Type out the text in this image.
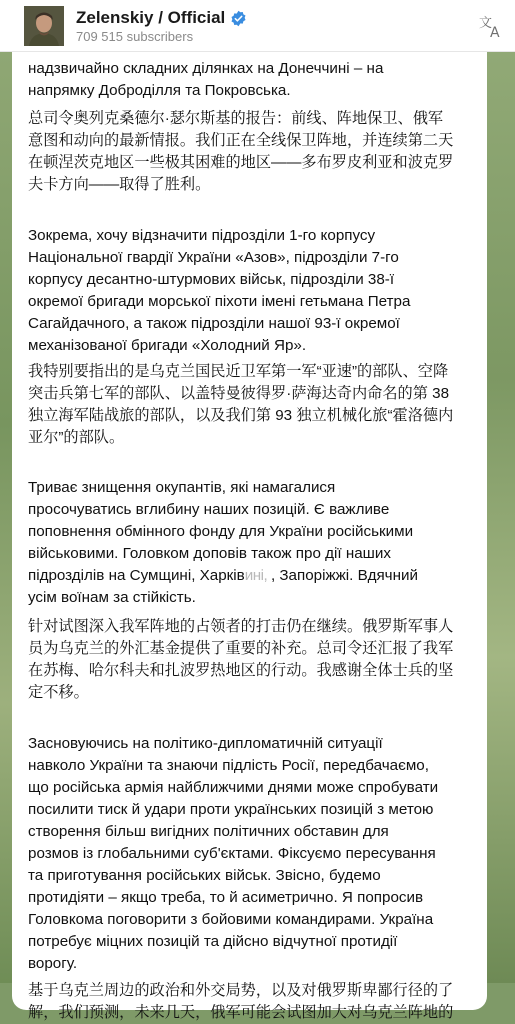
Zelenskiy / Official
709 515 subscribers
文
A
надзвичайно складних ділянках на Донеччині – на
напрямку Доброділля та Покровська.
总司令奥列克桑德尔·瑟尔斯基的报告：前线、阵地保卫、俄军
意图和动向的最新情报。我们正在全线保卫阵地，并连续第二天
在顿涅茨克地区一些极其困难的地区——多布罗皮利亚和波克罗
夫卡方向——取得了胜利。
Зокрема, хочу відзначити підрозділи 1-го корпусу
Національної гвардії України «Азов», підрозділи 7-го
корпусу десантно-штурмових військ, підрозділи 38-ї
окремої бригади морської піхоти імені гетьмана Петра
Сагайдачного, а також підрозділи нашої 93-ї окремої
механізованої бригади «Холодний Яр».
我特别要指出的是乌克兰国民近卫军第一军“亚速”的部队、空降
突击兵第七军的部队、以盖特曼彼得罗·萨海达奇内命名的第 38
独立海军陆战旅的部队，以及我们第 93 独立机械化旅“霍洛德内
亚尔”的部队。
Триває знищення окупантів, які намагалися
просочуватись вглибину наших позицій. Є важливе
поповнення обмінного фонду для України російськими
військовими. Головком доповів також про дії наших
підрозділів на Сумщині, Харківині, , Запоріжжі. Вдячний
усім воїнам за стійкість.
针对试图深入我军阵地的占领者的打击仍在继续。俄罗斯军事人
员为乌克兰的外汇基金提供了重要的补充。总司令还汇报了我军
在苏梅、哈尔科夫和扎波罗热地区的行动。我感谢全体士兵的坚
定不移。
Засновуючись на політико-дипломатичній ситуації
навколо України та знаючи підлість Росії, передбачаємо,
що російська армія найближчими днями може спробувати
посилити тиск й удари проти українських позицій з метою
створення більш вигідних політичних обставин для
розмов із глобальними суб'єктами. Фіксуємо пересування
та приготування російських військ. Звісно, будемо
протидіяти – якщо треба, то й асиметрично. Я попросив
Головкома поговорити з бойовими командирами. Україна
потребує міцних позицій та дійсно відчутної протидії
ворогу.
基于乌克兰周边的政治和外交局势，以及对俄罗斯卑鄙行径的了
解，我们预测，未来几天，俄军可能会试图加大对乌克兰阵地的
头条@春可基
